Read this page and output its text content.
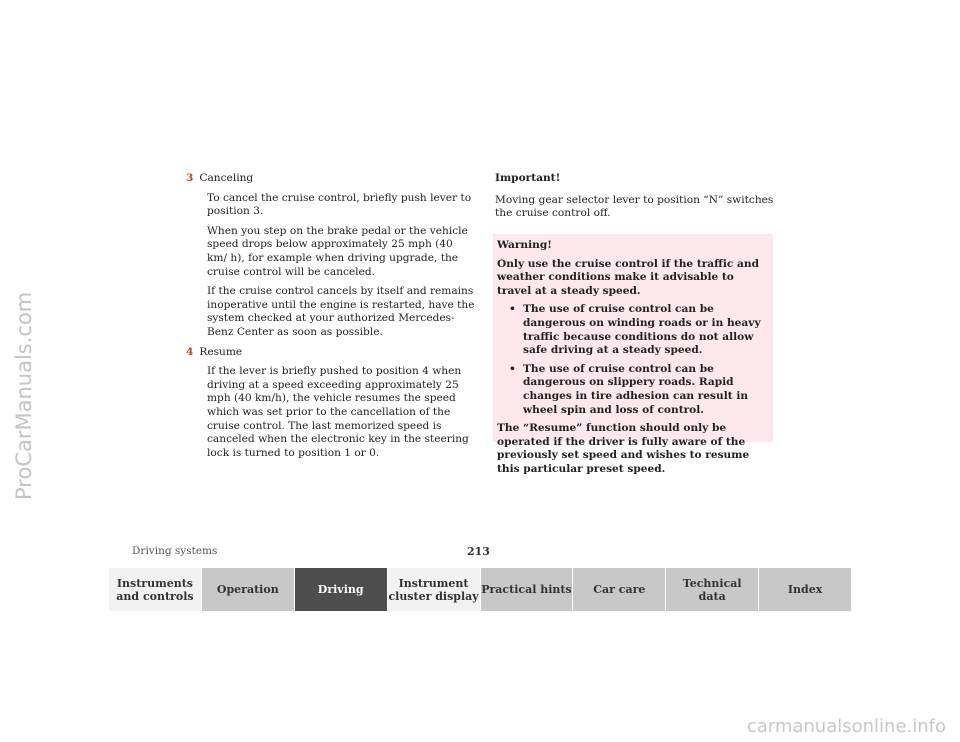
ProCarManuals.com
3 Canceling

To cancel the cruise control, briefly push lever to position 3.

When you step on the brake pedal or the vehicle speed drops below approximately 25 mph (40 km/ h), for example when driving upgrade, the cruise control will be canceled.

If the cruise control cancels by itself and remains inoperative until the engine is restarted, have the system checked at your authorized Mercedes-Benz Center as soon as possible.

4 Resume

If the lever is briefly pushed to position 4 when driving at a speed exceeding approximately 25 mph (40 km/h), the vehicle resumes the speed which was set prior to the cancellation of the cruise control. The last memorized speed is canceled when the electronic key in the steering lock is turned to position 1 or 0.

Important!

Moving gear selector lever to position “N” switches the cruise control off.

Warning!

Only use the cruise control if the traffic and weather conditions make it advisable to travel at a steady speed.

• The use of cruise control can be dangerous on winding roads or in heavy traffic because conditions do not allow safe driving at a steady speed.
• The use of cruise control can be dangerous on slippery roads. Rapid changes in tire adhesion can result in wheel spin and loss of control.

The “Resume” function should only be operated if the driver is fully aware of the previously set speed and wishes to resume this particular preset speed.

Driving systems	213
Instruments
and controls	Operation	Driving	Instrument
cluster display Practical hints	Car care	Technical
data	Index
carmanualsonline.info
